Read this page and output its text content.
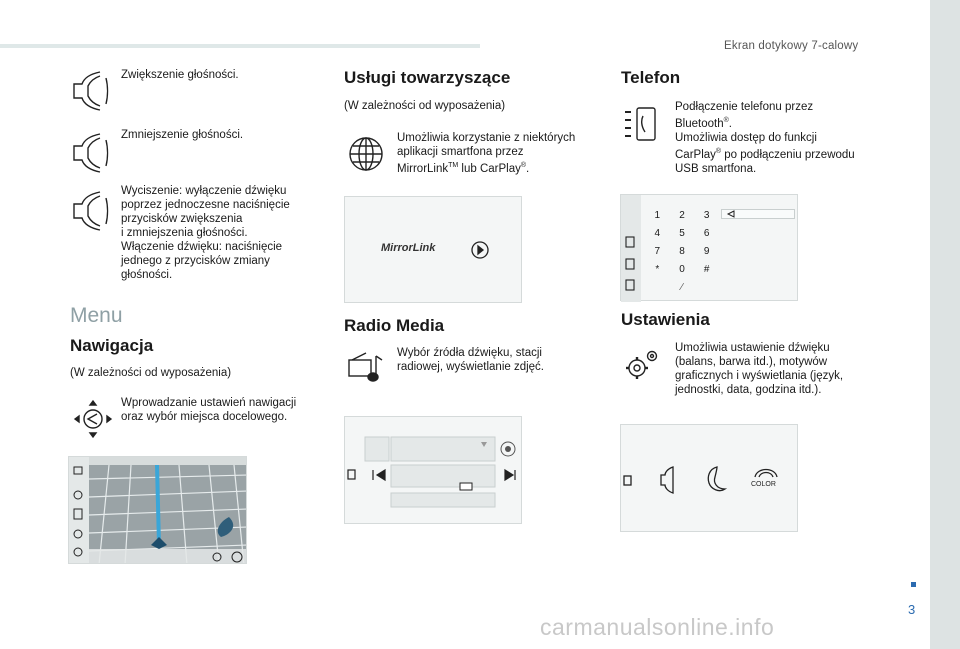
Ekran dotykowy 7-calowy
3
carmanualsonline.info
Zwiększenie głośności.
Zmniejszenie głośności.
Wyciszenie: wyłączenie dźwięku
poprzez jednoczesne naciśnięcie
przycisków zwiększenia
i zmniejszenia głośności.
Włączenie dźwięku: naciśnięcie
jednego z przycisków zmiany
głośności.
Menu
Nawigacja
(W zależności od wyposażenia)
Wprowadzanie ustawień nawigacji
oraz wybór miejsca docelowego.
Usługi towarzyszące
(W zależności od wyposażenia)
Umożliwia korzystanie z niektórych
aplikacji smartfona przez
MirrorLink™ lub CarPlay®.
MirrorLink
Radio Media
Wybór źródła dźwięku, stacji
radiowej, wyświetlanie zdjęć.
Telefon
Podłączenie telefonu przez
Bluetooth®.
Umożliwia dostęp do funkcji
CarPlay® po podłączeniu przewodu
USB smartfona.
1	2	3
4	5	6
7	8	9
*	0	#
∕
Ustawienia
Umożliwia ustawienie dźwięku
(balans, barwa itd.), motywów
graficznych i wyświetlania (język,
jednostki, data, godzina itd.).
COLOR
